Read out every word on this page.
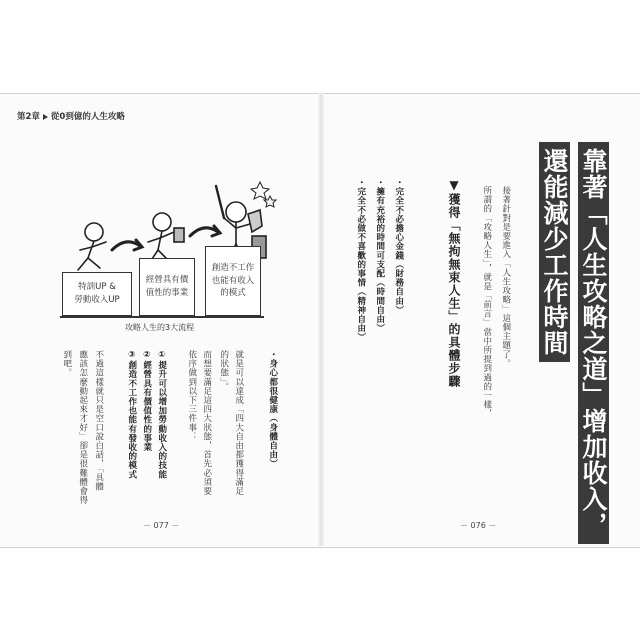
第2章 從0到億的人生攻略
靠著「人生攻略之道」增加收入，
還能減少工作時間
接著針對是要進入「人生攻略」這個主題了。
所謂的「攻略人生」，就是「前言」當中所提到過的一樣，
▼獲得「無拘無束人生」的具體步驟
・完全不必擔心金錢（財務自由）
・擁有充裕的時間可支配（時間自由）
・完全不必做不喜歡的事情（精神自由）
－ 076 －
特訓UP &
勞動收入UP
經營具有價
值性的事業
創造不工作
也能有收入
的模式
攻略人生的3大流程
・身心都很健康（身體自由）
就是可以達成「四大自由都獲得滿足
的狀態」。
而想要滿足這四大狀態，首先必須要
依序做到以下三件事：
①提升可以增加勞動收入的技能
②經營具有價值性的事業
③創造不工作也能有發收的模式
不過這樣就只是空口說白話，「具體
應該怎麼動起來才好」卻是很難體會得
到吧。
－ 077 －
